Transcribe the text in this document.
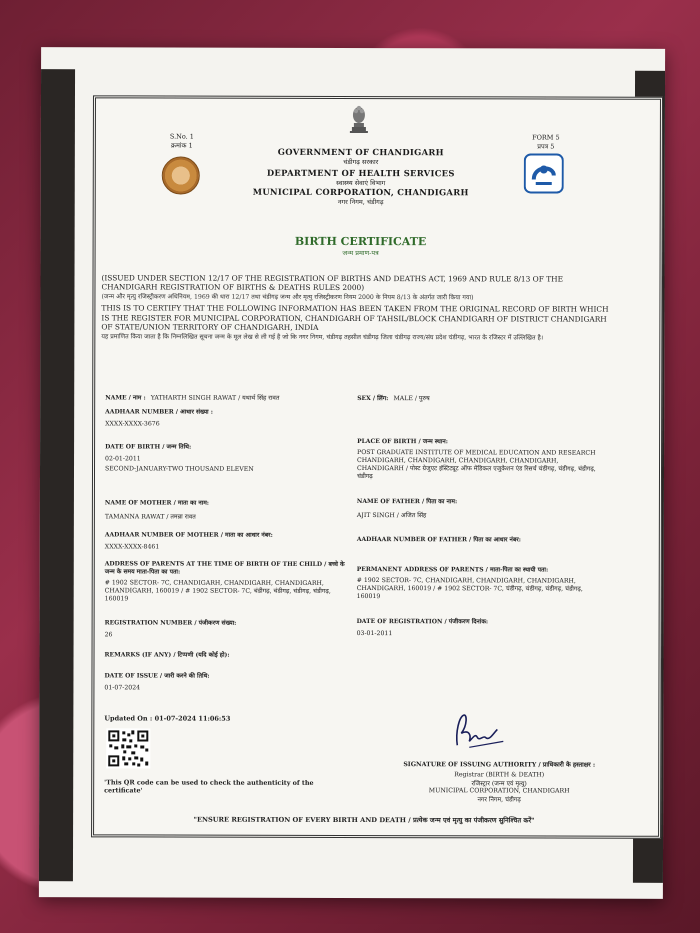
S.No. 1
क्रमांक 1
FORM 5
प्रपत्र 5
GOVERNMENT OF CHANDIGARH
चंडीगढ़ सरकार
DEPARTMENT OF HEALTH SERVICES
स्वास्थ्य सेवाएं विभाग
MUNICIPAL CORPORATION, CHANDIGARH
नगर निगम, चंडीगढ़
BIRTH CERTIFICATE
जन्म प्रमाण-पत्र
(ISSUED UNDER SECTION 12/17 OF THE REGISTRATION OF BIRTHS AND DEATHS ACT, 1969 AND RULE 8/13 OF THE CHANDIGARH REGISTRATION OF BIRTHS & DEATHS RULES 2000)
(जन्म और मृत्यु रजिस्ट्रीकरण अधिनियम, 1969 की धारा 12/17 तथा चंडीगढ़ जन्म और मृत्यु रजिस्ट्रीकरण नियम 2000 के नियम 8/13 के अंतर्गत जारी किया गया)
THIS IS TO CERTIFY THAT THE FOLLOWING INFORMATION HAS BEEN TAKEN FROM THE ORIGINAL RECORD OF BIRTH WHICH IS THE REGISTER FOR MUNICIPAL CORPORATION, CHANDIGARH OF TAHSIL/BLOCK CHANDIGARH OF DISTRICT CHANDIGARH OF STATE/UNION TERRITORY OF CHANDIGARH, INDIA
यह प्रमाणित किया जाता है कि निम्नलिखित सूचना जन्म के मूल लेख से ली गई है जो कि नगर निगम, चंडीगढ़ तहसील चंडीगढ़ जिला चंडीगढ़ राज्य/संघ प्रदेश चंडीगढ़, भारत के रजिस्टर में उल्लिखित है।
NAME / नाम : YATHARTH SINGH RAWAT / यथार्थ सिंह रावत	SEX / लिंग: MALE / पुरुष
AADHAAR NUMBER / आधार संख्या :
XXXX-XXXX-3676
DATE OF BIRTH / जन्म तिथि:
02-01-2011
SECOND-JANUARY-TWO THOUSAND ELEVEN
PLACE OF BIRTH / जन्म स्थान:
POST GRADUATE INSTITUTE OF MEDICAL EDUCATION AND RESEARCH CHANDIGARH, CHANDIGARH, CHANDIGARH, CHANDIGARH, CHANDIGARH / पोस्ट ग्रेजुएट इंस्टिट्यूट ऑफ मेडिकल एजुकेशन एंड रिसर्च चंडीगढ़, चंडीगढ़, चंडीगढ़, चंडीगढ़
NAME OF MOTHER / माता का नाम:
TAMANNA RAWAT / तमन्ना रावत
NAME OF FATHER / पिता का नाम:
AJIT SINGH / अजित सिंह
AADHAAR NUMBER OF MOTHER / माता का आधार नंबर:
XXXX-XXXX-8461
AADHAAR NUMBER OF FATHER / पिता का आधार नंबर:
ADDRESS OF PARENTS AT THE TIME OF BIRTH OF THE CHILD / बच्चे के जन्म के समय माता-पिता का पता:
# 1902 SECTOR- 7C, CHANDIGARH, CHANDIGARH, CHANDIGARH, CHANDIGARH, 160019 / # 1902 SECTOR- 7C, चंडीगढ़, चंडीगढ़, चंडीगढ़, चंडीगढ़, 160019
PERMANENT ADDRESS OF PARENTS / माता-पिता का स्थायी पता:
# 1902 SECTOR- 7C, CHANDIGARH, CHANDIGARH, CHANDIGARH, CHANDIGARH, 160019 / # 1902 SECTOR- 7C, चंडीगढ़, चंडीगढ़, चंडीगढ़, चंडीगढ़, 160019
REGISTRATION NUMBER / पंजीकरण संख्या:
26
DATE OF REGISTRATION / पंजीकरण दिनांक:
03-01-2011
REMARKS (IF ANY) / टिप्पणी (यदि कोई हो):
DATE OF ISSUE / जारी करने की तिथि:
01-07-2024
Updated On : 01-07-2024 11:06:53
'This QR code can be used to check the authenticity of the certificate'
SIGNATURE OF ISSUING AUTHORITY / प्राधिकारी के हस्ताक्षर :
Registrar (BIRTH & DEATH)
रजिस्ट्रार (जन्म एवं मृत्यु)
MUNICIPAL CORPORATION, CHANDIGARH
नगर निगम, चंडीगढ़
"ENSURE REGISTRATION OF EVERY BIRTH AND DEATH / प्रत्येक जन्म एवं मृत्यु का पंजीकरण सुनिश्चित करें"
